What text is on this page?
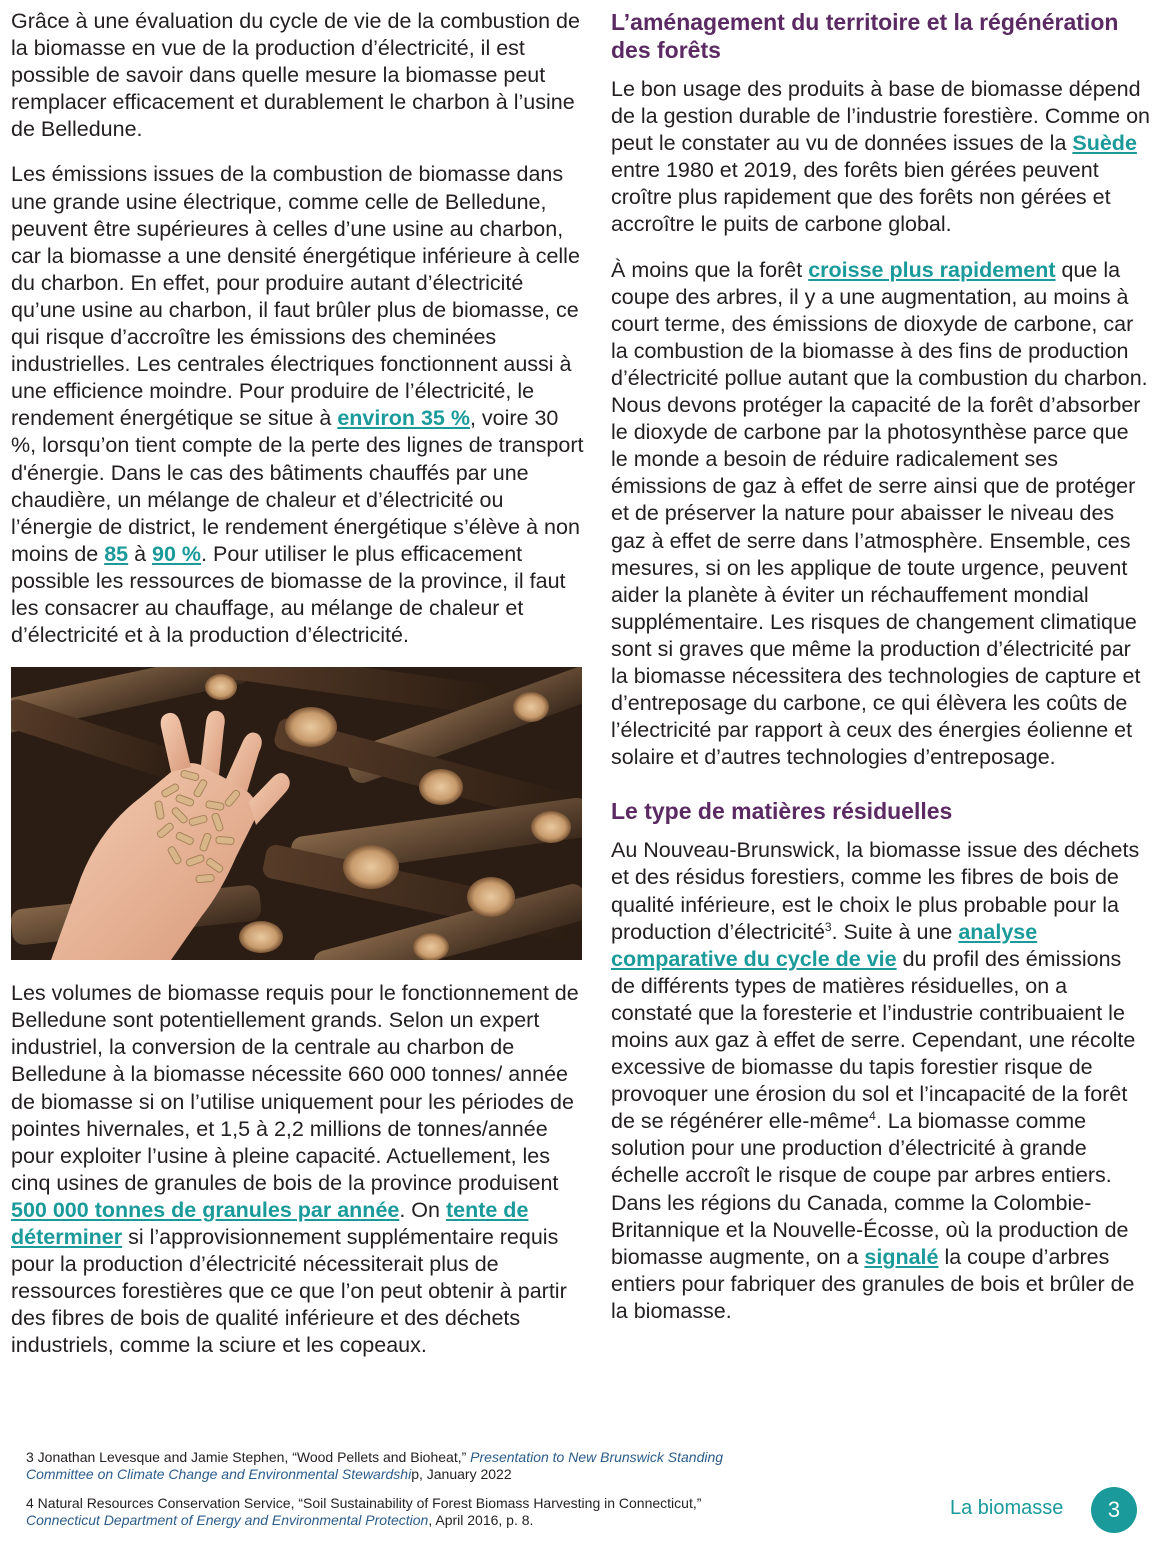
Grâce à une évaluation du cycle de vie de la combustion de la biomasse en vue de la production d’électricité, il est possible de savoir dans quelle mesure la biomasse peut remplacer efficacement et durablement le charbon à l’usine de Belledune.

Les émissions issues de la combustion de biomasse dans une grande usine électrique, comme celle de Belledune, peuvent être supérieures à celles d’une usine au charbon, car la biomasse a une densité énergétique inférieure à celle du charbon. En effet, pour produire autant d’électricité qu’une usine au charbon, il faut brûler plus de biomasse, ce qui risque d’accroître les émissions des cheminées industrielles. Les centrales électriques fonctionnent aussi à une efficience moindre. Pour produire de l’électricité, le rendement énergétique se situe à environ 35 %, voire 30 %, lorsqu’on tient compte de la perte des lignes de transport d'énergie. Dans le cas des bâtiments chauffés par une chaudière, un mélange de chaleur et d’électricité ou l’énergie de district, le rendement énergétique s’élève à non moins de 85 à 90 %. Pour utiliser le plus efficacement possible les ressources de biomasse de la province, il faut les consacrer au chauffage, au mélange de chaleur et d’électricité et à la production d’électricité.

Les volumes de biomasse requis pour le fonctionnement de Belledune sont potentiellement grands. Selon un expert industriel, la conversion de la centrale au charbon de Belledune à la biomasse nécessite 660 000 tonnes/ année de biomasse si on l’utilise uniquement pour les périodes de pointes hivernales, et 1,5 à 2,2 millions de tonnes/année pour exploiter l’usine à pleine capacité. Actuellement, les cinq usines de granules de bois de la province produisent 500 000 tonnes de granules par année. On tente de déterminer si l’approvisionnement supplémentaire requis pour la production d’électricité nécessiterait plus de ressources forestières que ce que l’on peut obtenir à partir des fibres de bois de qualité inférieure et des déchets industriels, comme la sciure et les copeaux.

L’aménagement du territoire et la régénération des forêts

Le bon usage des produits à base de biomasse dépend de la gestion durable de l’industrie forestière. Comme on peut le constater au vu de données issues de la Suède entre 1980 et 2019, des forêts bien gérées peuvent croître plus rapidement que des forêts non gérées et accroître le puits de carbone global.

À moins que la forêt croisse plus rapidement que la coupe des arbres, il y a une augmentation, au moins à court terme, des émissions de dioxyde de carbone, car la combustion de la biomasse à des fins de production d’électricité pollue autant que la combustion du charbon. Nous devons protéger la capacité de la forêt d’absorber le dioxyde de carbone par la photosynthèse parce que le monde a besoin de réduire radicalement ses émissions de gaz à effet de serre ainsi que de protéger et de préserver la nature pour abaisser le niveau des gaz à effet de serre dans l’atmosphère. Ensemble, ces mesures, si on les applique de toute urgence, peuvent aider la planète à éviter un réchauffement mondial supplémentaire. Les risques de changement climatique sont si graves que même la production d’électricité par la biomasse nécessitera des technologies de capture et d’entreposage du carbone, ce qui élèvera les coûts de l’électricité par rapport à ceux des énergies éolienne et solaire et d’autres technologies d’entreposage.

Le type de matières résiduelles

Au Nouveau-Brunswick, la biomasse issue des déchets et des résidus forestiers, comme les fibres de bois de qualité inférieure, est le choix le plus probable pour la production d’électricité$^3$. Suite à une analyse comparative du cycle de vie du profil des émissions de différents types de matières résiduelles, on a constaté que la foresterie et l’industrie contribuaient le moins aux gaz à effet de serre. Cependant, une récolte excessive de biomasse du tapis forestier risque de provoquer une érosion du sol et l’incapacité de la forêt de se régénérer elle-même$^4$. La biomasse comme solution pour une production d’électricité à grande échelle accroît le risque de coupe par arbres entiers. Dans les régions du Canada, comme la Colombie-Britannique et la Nouvelle-Écosse, où la production de biomasse augmente, on a signalé la coupe d’arbres entiers pour fabriquer des granules de bois et brûler de la biomasse.

3 Jonathan Levesque and Jamie Stephen, “Wood Pellets and Bioheat,” Presentation to New Brunswick Standing Committee on Climate Change and Environmental Stewardship, January 2022
4 Natural Resources Conservation Service, “Soil Sustainability of Forest Biomass Harvesting in Connecticut,” Connecticut Department of Energy and Environmental Protection, April 2016, p. 8.
La biomasse	3
